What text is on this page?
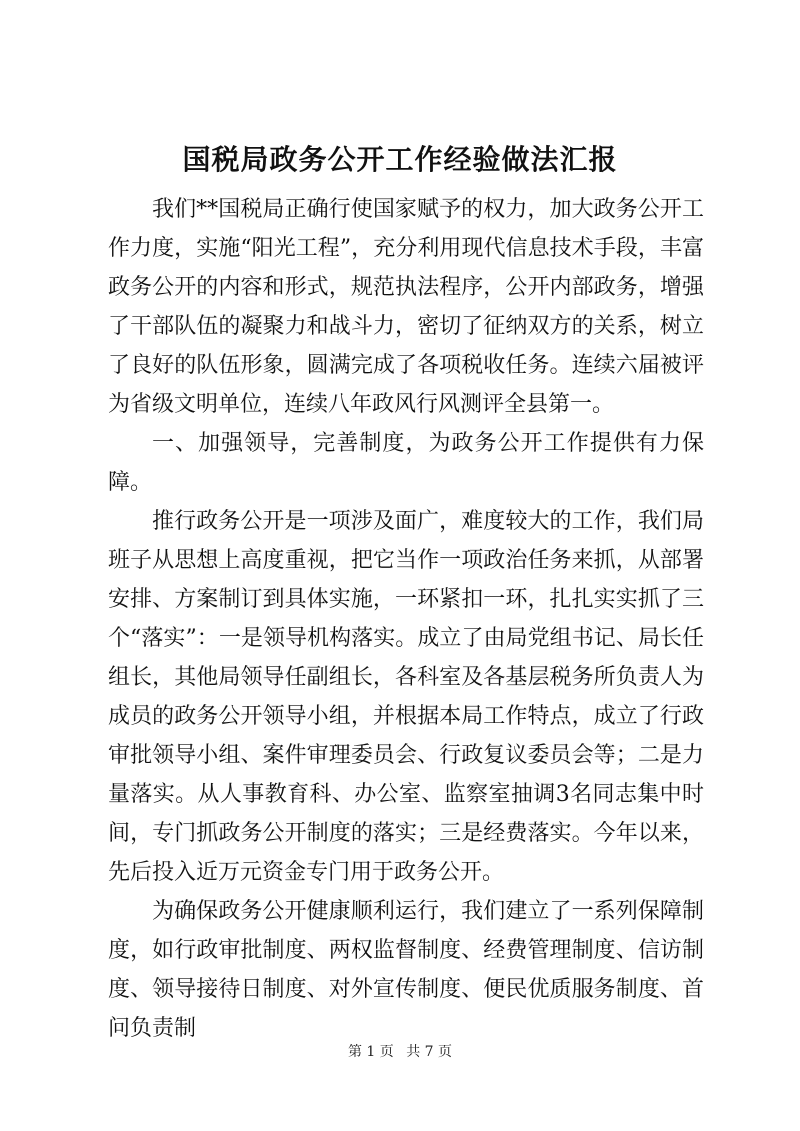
国税局政务公开工作经验做法汇报

我们**国税局正确行使国家赋予的权力，加大政务公开工作力度，实施“阳光工程”，充分利用现代信息技术手段，丰富政务公开的内容和形式，规范执法程序，公开内部政务，增强了干部队伍的凝聚力和战斗力，密切了征纳双方的关系，树立了良好的队伍形象，圆满完成了各项税收任务。连续六届被评为省级文明单位，连续八年政风行风测评全县第一。

一、加强领导，完善制度，为政务公开工作提供有力保障。

推行政务公开是一项涉及面广，难度较大的工作，我们局班子从思想上高度重视，把它当作一项政治任务来抓，从部署安排、方案制订到具体实施，一环紧扣一环，扎扎实实抓了三个“落实”：一是领导机构落实。成立了由局党组书记、局长任组长，其他局领导任副组长，各科室及各基层税务所负责人为成员的政务公开领导小组，并根据本局工作特点，成立了行政审批领导小组、案件审理委员会、行政复议委员会等；二是力量落实。从人事教育科、办公室、监察室抽调3名同志集中时间，专门抓政务公开制度的落实；三是经费落实。今年以来，先后投入近万元资金专门用于政务公开。

为确保政务公开健康顺利运行，我们建立了一系列保障制度，如行政审批制度、两权监督制度、经费管理制度、信访制度、领导接待日制度、对外宣传制度、便民优质服务制度、首问负责制

第 1 页 共 7 页
